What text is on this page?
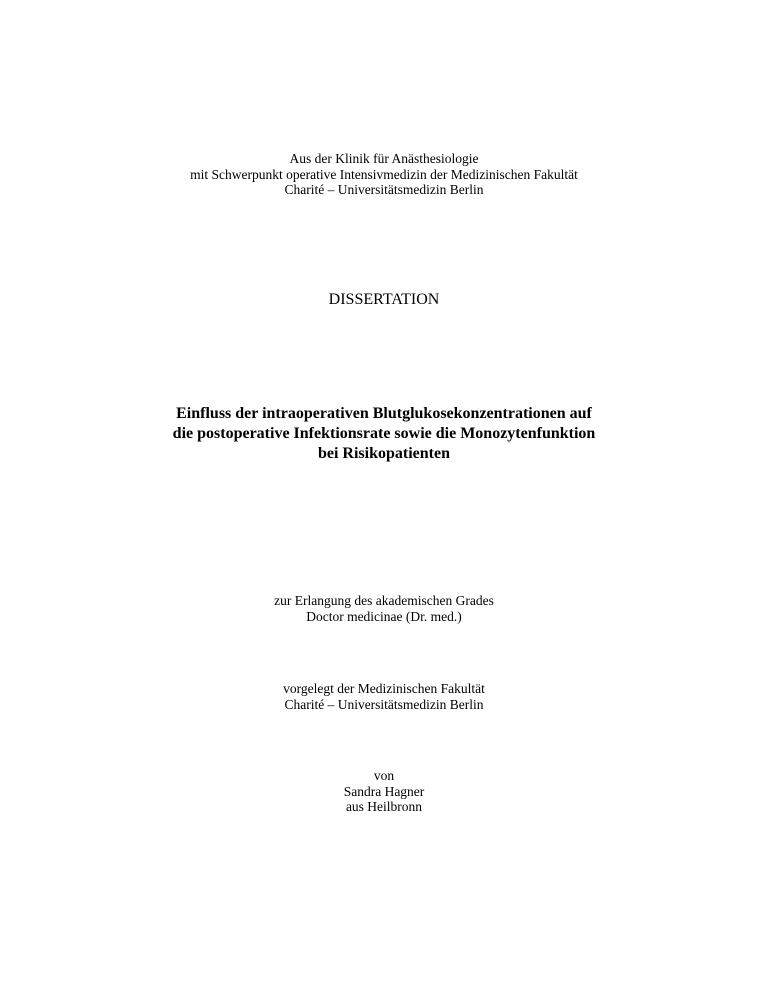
Aus der Klinik für Anästhesiologie
mit Schwerpunkt operative Intensivmedizin der Medizinischen Fakultät
Charité – Universitätsmedizin Berlin
DISSERTATION
Einfluss der intraoperativen Blutglukosekonzentrationen auf
die postoperative Infektionsrate sowie die Monozytenfunktion
bei Risikopatienten
zur Erlangung des akademischen Grades
Doctor medicinae (Dr. med.)
vorgelegt der Medizinischen Fakultät
Charité – Universitätsmedizin Berlin
von
Sandra Hagner
aus Heilbronn
